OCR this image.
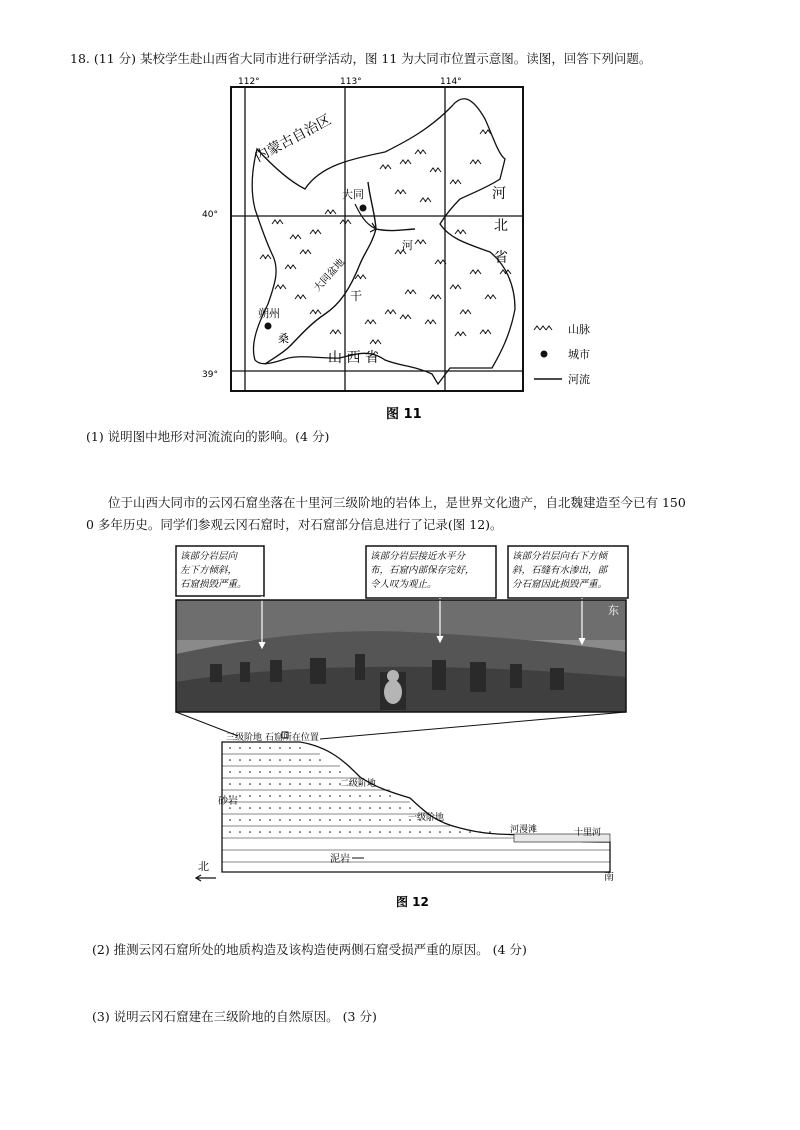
18. (11 分) 某校学生赴山西省大同市进行研学活动，图 11 为大同市位置示意图。读图，回答下列问题。
112°	113°	114°
40°
39°
内蒙古自治区
河
北
省
山 西 省
大同盆地
桑
干
河
大同
朔州
山脉
城市
河流
图 11
(1) 说明图中地形对河流流向的影响。(4 分)
位于山西大同市的云冈石窟坐落在十里河三级阶地的岩体上，是世界文化遗产，自北魏建造至今已有 150
0 多年历史。同学们参观云冈石窟时，对石窟部分信息进行了记录(图 12)。
该部分岩层向 左下方倾斜， 石窟损毁严重。
该部分岩层接近水平分 布，石窟内部保存完好， 令人叹为观止。
该部分岩层向右下方倾 斜，石缝有水渗出，部 分石窟因此损毁严重。
东
三级阶地 石窟所在位置
二级阶地
一级阶地
河漫滩	十里河
砂岩
泥岩
北
南
图 12
(2) 推测云冈石窟所处的地质构造及该构造使两侧石窟受损严重的原因。 (4 分)
(3) 说明云冈石窟建在三级阶地的自然原因。 (3 分)
